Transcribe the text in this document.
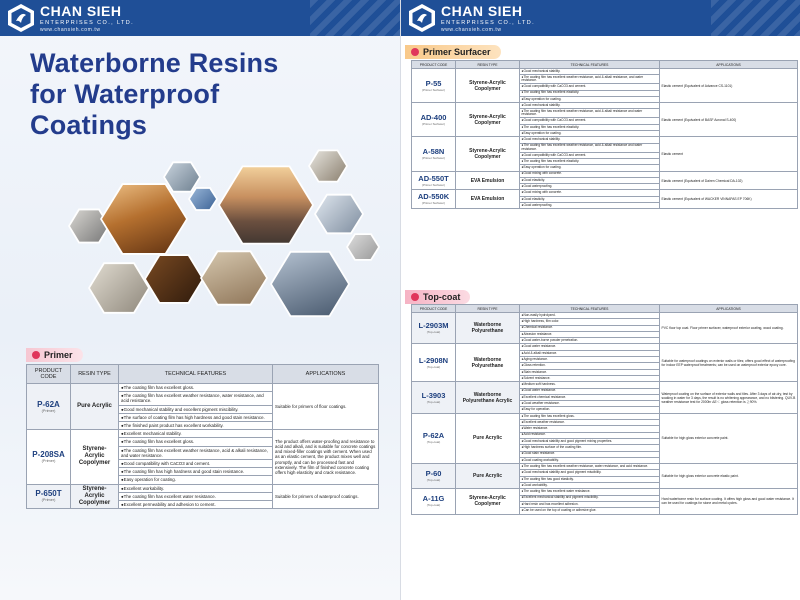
CHAN SIEH
ENTERPRISES CO., LTD.
www.chansieh.com.tw
Waterborne Resins
for Waterproof
Coatings
Primer
PRODUCT CODE	RESIN TYPE	TECHNICAL FEATURES	APPLICATIONS

P-62A
(Primer)	Pure Acrylic	●The coating film has excellent gloss.	Suitable for primers of floor coatings.
		●The coating film has excellent weather resistance, water resistance, and acid resistance.	
		●Good mechanical stability and excellent pigment miscibility.	
		●The surface of coating film has high hardness and good stain resistance.	
		●The finished paint product has excellent workability.	

P-208SA
(Primer)	Styrene-Acrylic Copolymer	●Excellent mechanical stability.	The product offers water-proofing and resistance to acid and alkali, and is suitable for concrete coatings and mixed-filler coatings with cement. When used as an elastic cement, the product mixes well and promptly, and can be processed fast and extensively. The film of finished concrete coating offers high elasticity and crack resistance.
		●The coating film has excellent gloss.	
		●The coating film has excellent weather resistance, acid & alkali resistance, and water resistance.	
		●Good compatibility with CaCO3 and cement.	
		●The coating film has high hardness and good stain resistance.	
		●Easy operation for coating.	

P-650T
(Primer)	Styrene-Acrylic Copolymer	●Excellent workability.	Suitable for primers of waterproof coatings.
		●The coating film has excellent water resistance.	
		●Excellent permeability and adhesion to cement.	
CHAN SIEH
ENTERPRISES CO., LTD.
www.chansieh.com.tw
Primer Surfacer
PRODUCT CODE	RESIN TYPE	TECHNICAL FEATURES	APPLICATIONS

P-55
(Primer Surfacer)	Styrene-Acrylic Copolymer	●Good mechanical stability.	Elastic cement (Equivalent of Advance CS-1101)
		●The coating film has excellent weather resistance, acid & alkali resistance, and water resistance.	
		●Good compatibility with CaCO3 and cement.	
		●The coating film has excellent elasticity.	
		●Easy operation for coating.	

AD-400
(Primer Surfacer)	Styrene-Acrylic Copolymer	●Good mechanical stability.	Elastic cement (Equivalent of BASF Acronal S-400)
		●The coating film has excellent weather resistance, acid & alkali resistance and water resistance.	
		●Good compatibility with CaCO3 and cement.	
		●The coating film has excellent elasticity.	
		●Easy operation for coating.	

A-58N
(Primer Surfacer)	Styrene-Acrylic Copolymer	●Good mechanical stability.	Elastic cement
		●The coating film has excellent weather resistance, acid & alkali resistance and water resistance.	
		●Good compatibility with CaCO3 and cement.	
		●The coating film has excellent elasticity.	
		●Easy operation for coating.	

AD-550T
(Primer Surfacer)	EVA Emulsion	●Good mixing with concrete.	Elastic cement (Equivalent of Dairen Chemical DA-102)
		●Good elasticity.	
		●Good waterproofing.	

AD-550K
(Primer Surfacer)	EVA Emulsion	●Good mixing with concrete.	Elastic cement (Equivalent of WACKER VINNAPAS EP 706K)
		●Good elasticity.	
		●Good waterproofing.	
Top-coat
PRODUCT CODE	RESIN TYPE	TECHNICAL FEATURES	APPLICATIONS

L-2903M
(Top-coat)	Waterborne Polyurethane	●Non-easily hydrolyzed.	PVC floor top coat. Floor primer surfacer, waterproof exterior coating, wood coating.
		●High hardness, film color.	
		●Chemical resistance.	
		●Abrasion resistance.	
		●Good water-borne powder penetration.	

L-2908N
(Top-coat)	Waterborne Polyurethane	●Good water resistance.	Suitable for waterproof coatings on exterior walls or tiles; offers good effect of waterproofing for indoor EEP waterproof treatments; can be used on waterproof exterior epoxy core.
		●Acid & alkali resistance.	
		●Aging resistance.	
		●Gloss retention.	
		●Stain resistance.	
		●Solvent resistance.	

L-3903
(Top-coat)	Waterborne Polyurethane Acrylic	●Medium soft hardness.	Waterproof coating on the surface of exterior walls and tiles. After 3 days of air-dry, test by soaking in water for 3 days, the result is no whitening appearance, and no blistering. QUV-B weather resistance test for 2000hr ΔE＜ gloss retention is ≧90%.
		●Good water resistance.	
		●Excellent chemical resistance.	
		●Good weather resistance.	
		●Easy for operation.	

P-62A
(Top-coat)	Pure Acrylic	●The coating film has excellent gloss.	Suitable for high gloss exterior concrete paint.
		●Excellent weather resistance.	
		●Water resistance.	
		●Acid resistance.	
		●Good mechanical stability and good pigment mixing properties.	
		●High hardness surface of the coating film.	
		●Good stain resistance.	
		●Good coating workability.	

P-60
(Top-coat)	Pure Acrylic	●The coating film has excellent weather resistance, water resistance, and acid resistance.	Suitable for high gloss exterior concrete elastic paint.
		●Good mechanical stability and good pigment miscibility.	
		●The coating film has good elasticity.	
		●Good workability.	

A-11G
(Top-coat)	Styrene-Acrylic Copolymer	●The coating film has excellent water resistance.	Hard waterborne resin for surface coating. It offers high gloss and good water resistance. It can be used for coatings for stone and metal cycles.
		●Excellent mechanical stability and pigment miscibility.	
		●Hard resin and has excellent adhesion.	
		●Can be used on the top of coating or adhesive glue.	
